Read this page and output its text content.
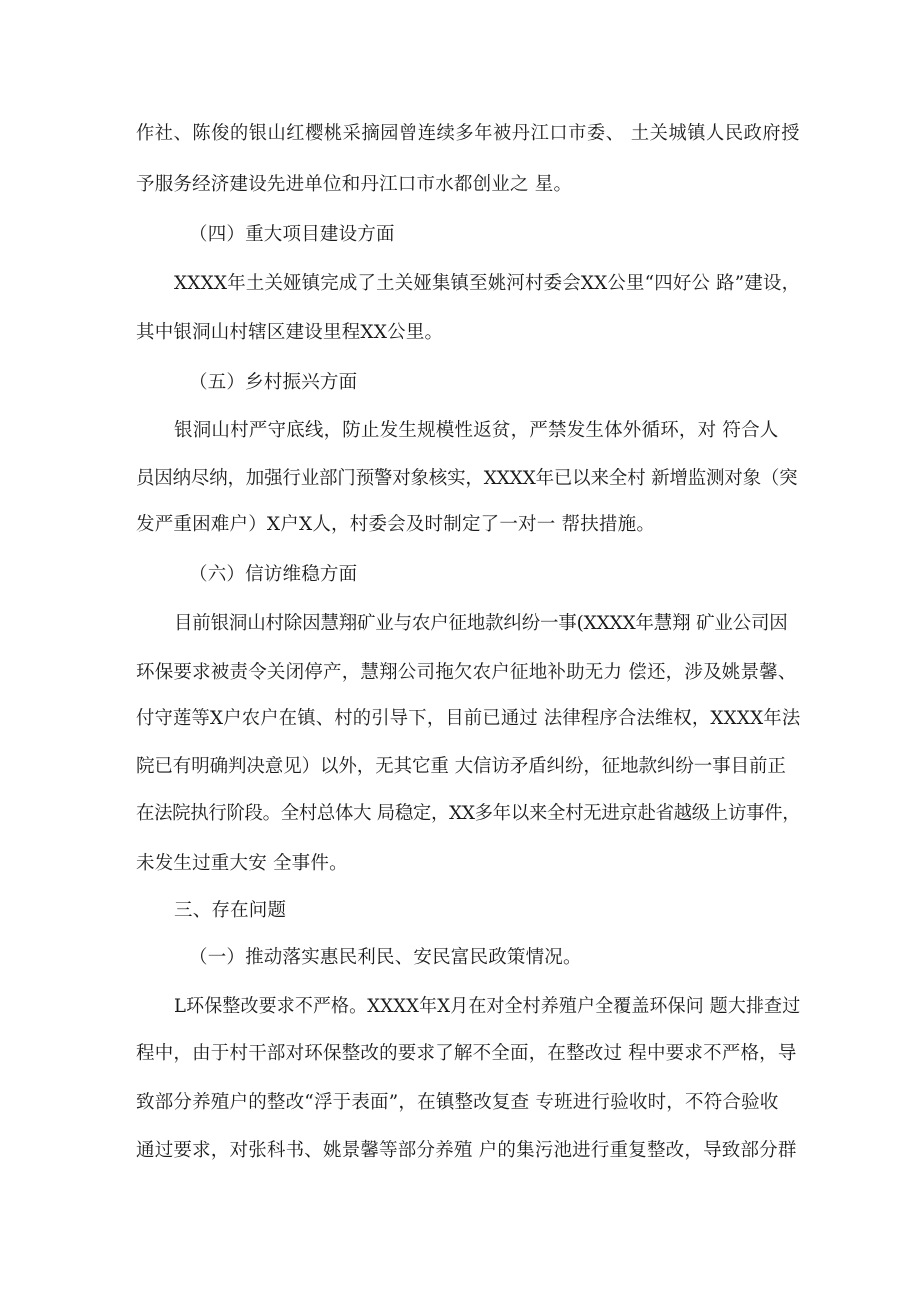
作社、陈俊的银山红樱桃采摘园曾连续多年被丹江口市委、 土关城镇人民政府授
予服务经济建设先进单位和丹江口市水都创业之 星。
（四）重大项目建设方面
XXXX年土关娅镇完成了土关娅集镇至姚河村委会XX公里“四好公 路”建设，
其中银洞山村辖区建设里程XX公里。
（五）乡村振兴方面
银洞山村严守底线，防止发生规模性返贫，严禁发生体外循环，对 符合人
员因纳尽纳，加强行业部门预警对象核实，XXXX年已以来全村 新增监测对象（突
发严重困难户）X户X人，村委会及时制定了一对一 帮扶措施。
（六）信访维稳方面
目前银洞山村除因慧翔矿业与农户征地款纠纷一事(XXXX年慧翔 矿业公司因
环保要求被责令关闭停产，慧翔公司拖欠农户征地补助无力 偿还，涉及姚景馨、
付守莲等X户农户在镇、村的引导下，目前已通过 法律程序合法维权，XXXX年法
院已有明确判决意见）以外，无其它重 大信访矛盾纠纷，征地款纠纷一事目前正
在法院执行阶段。全村总体大 局稳定，XX多年以来全村无进京赴省越级上访事件，
未发生过重大安 全事件。
三、存在问题
（一）推动落实惠民利民、安民富民政策情况。
L环保整改要求不严格。XXXX年X月在对全村养殖户全覆盖环保问 题大排查过
程中，由于村干部对环保整改的要求了解不全面，在整改过 程中要求不严格，导
致部分养殖户的整改“浮于表面”，在镇整改复查 专班进行验收时，不符合验收
通过要求，对张科书、姚景馨等部分养殖 户的集污池进行重复整改，导致部分群
